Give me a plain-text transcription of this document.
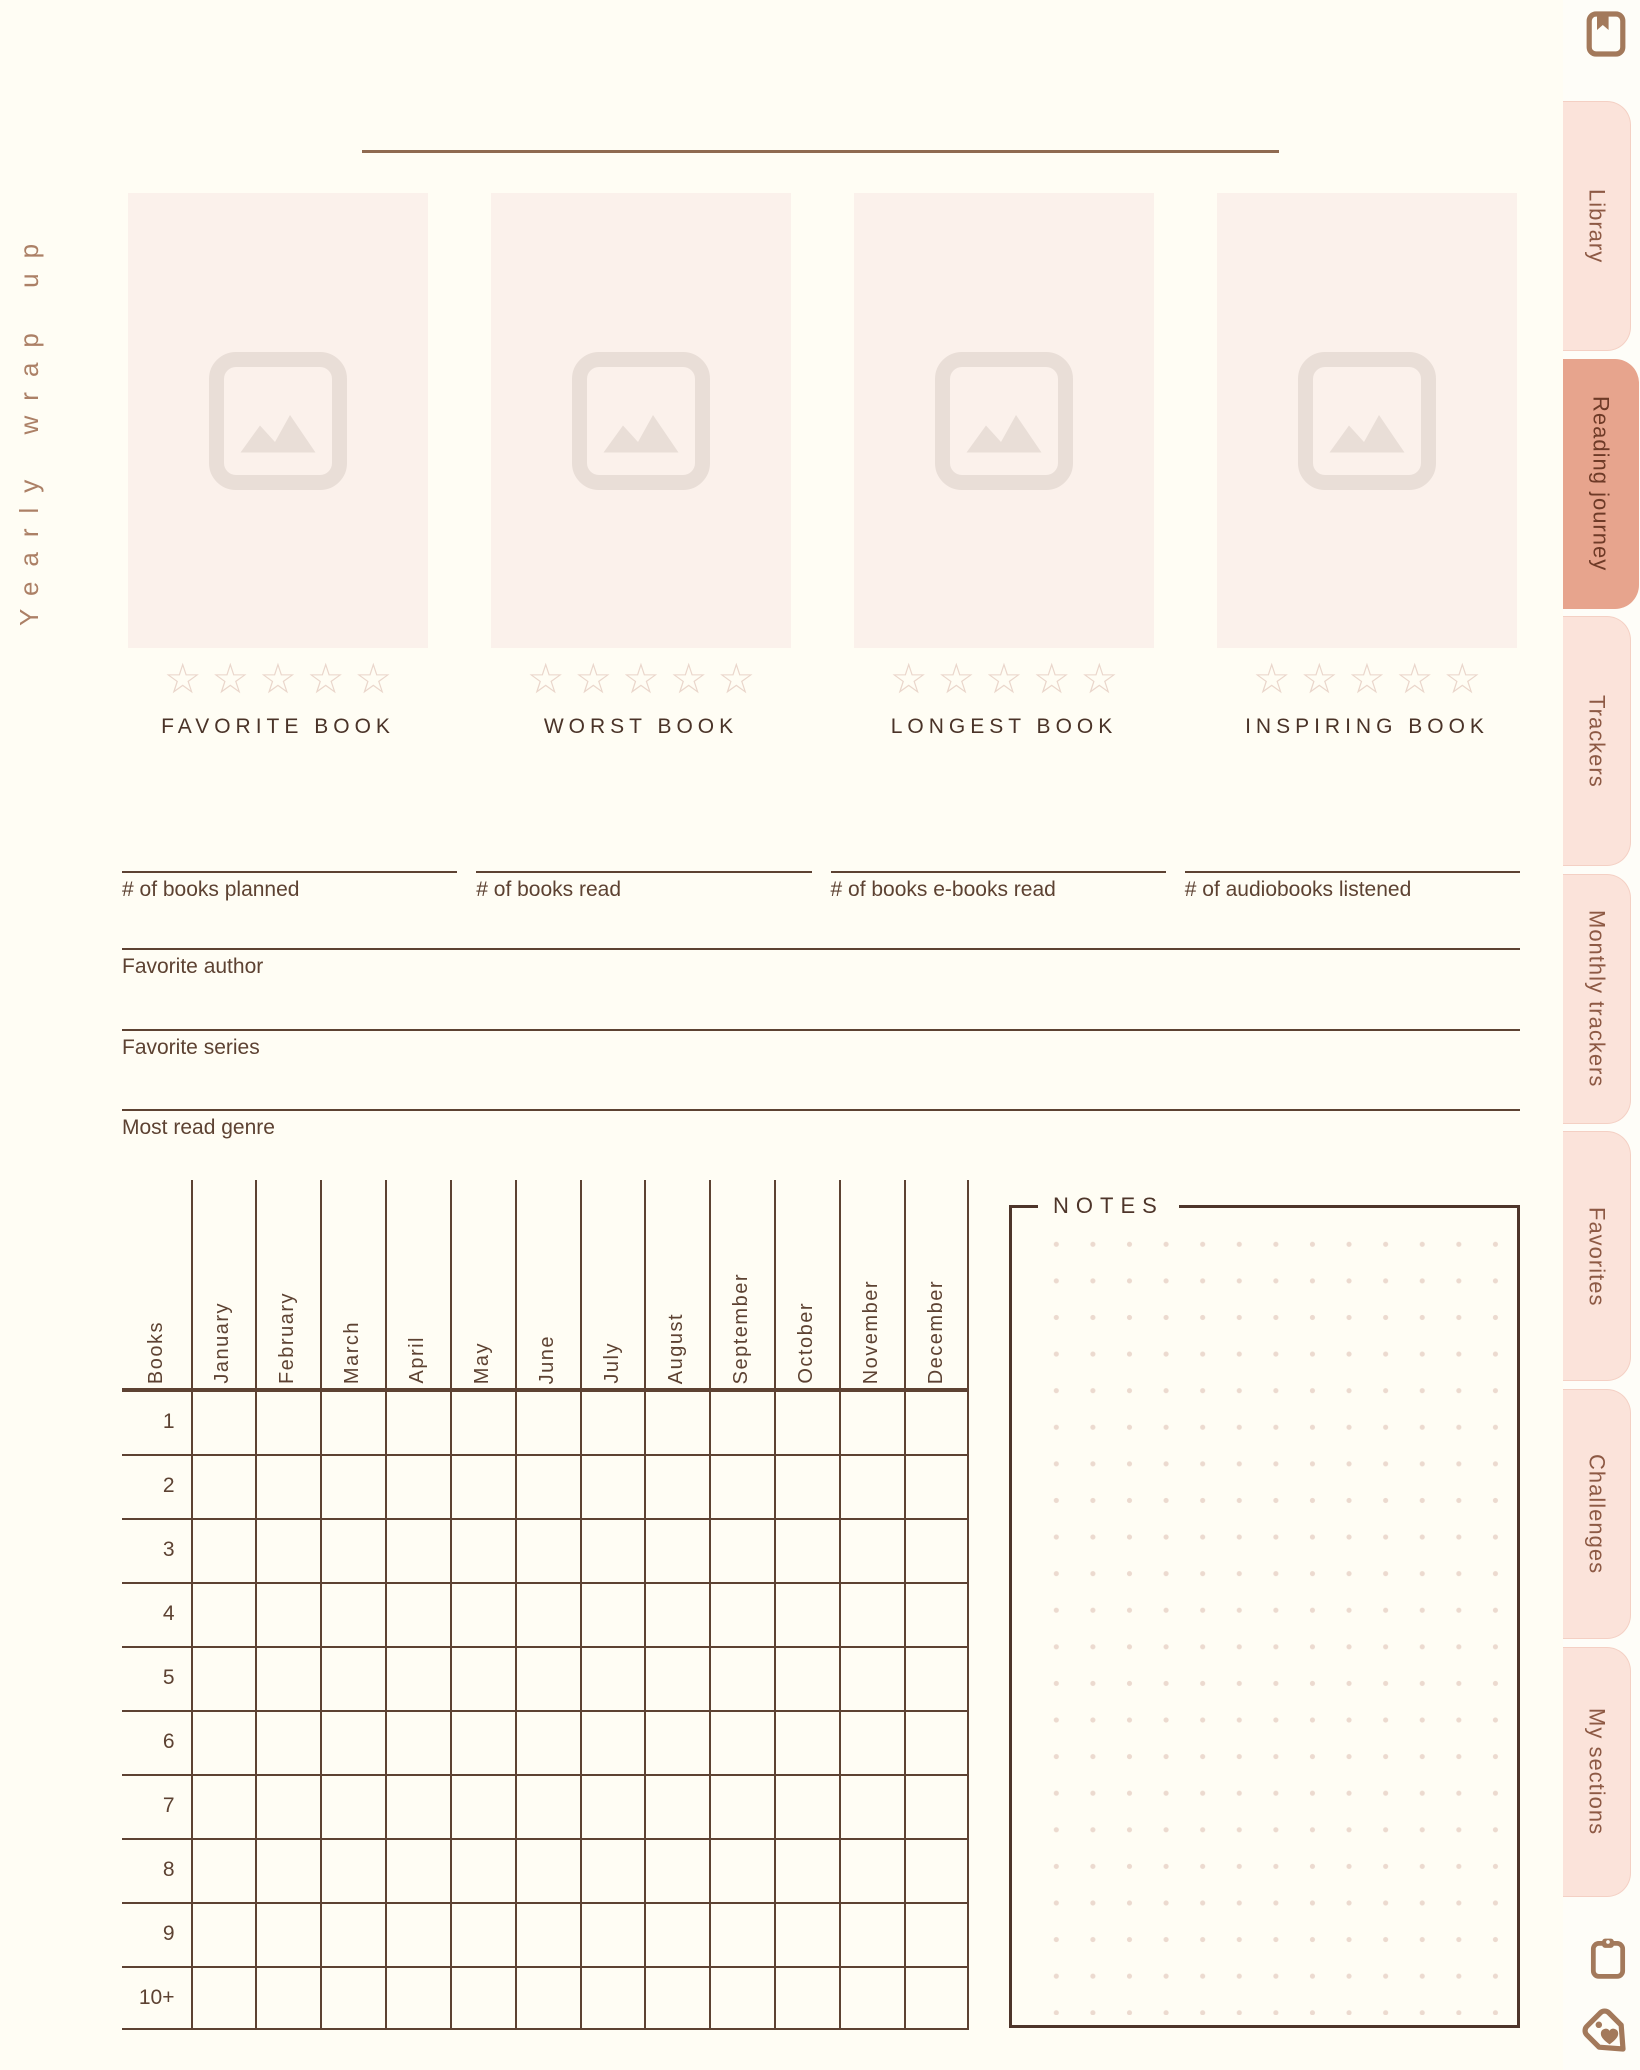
Yearly wrap up
☆☆☆☆☆
FAVORITE BOOK
☆☆☆☆☆
WORST BOOK
☆☆☆☆☆
LONGEST BOOK
☆☆☆☆☆
INSPIRING BOOK
# of books planned	# of books read	# of books e-books read	# of audiobooks listened
Favorite author
Favorite series
Most read genre
Books January February March April May June July August September October November December
1
2
3
4
5
6
7
8
9
10+
NOTES
Library
Reading journey
Trackers
Monthly trackers
Favorites
Challenges
My sections
